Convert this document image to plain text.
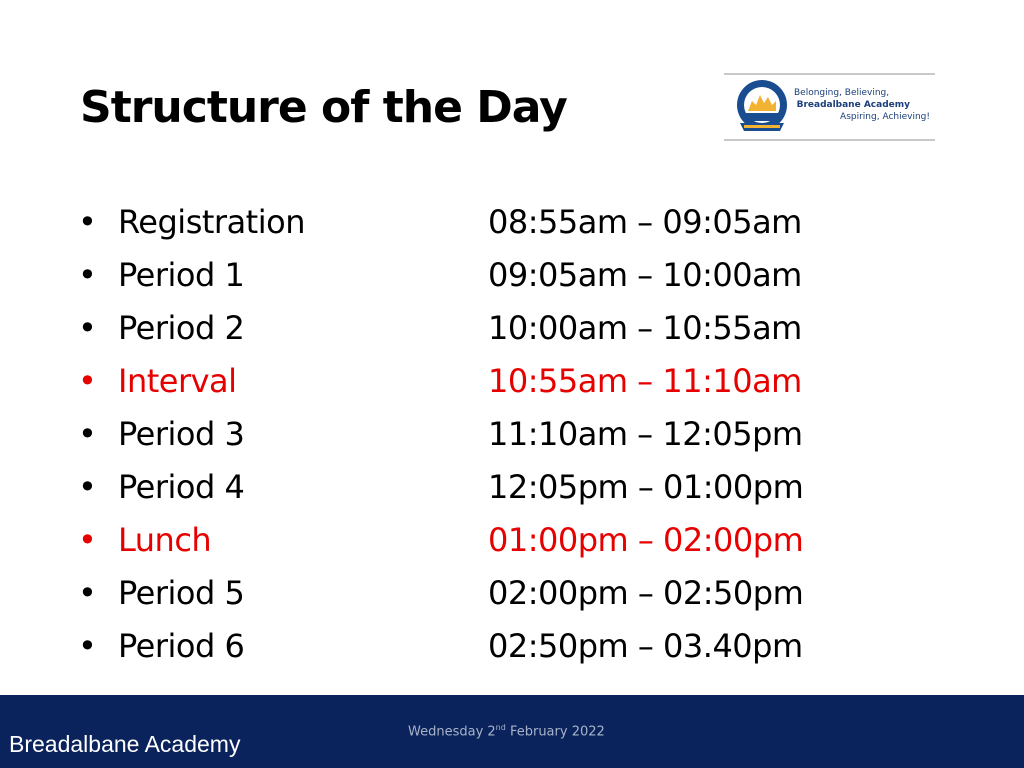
Structure of the Day	Belonging, Believing,
Breadalbane Academy
Aspiring, Achieving!
• Registration	08:55am – 09:05am
• Period 1	09:05am – 10:00am
• Period 2	10:00am – 10:55am
• Interval	10:55am – 11:10am
• Period 3	11:10am – 12:05pm
• Period 4	12:05pm – 01:00pm
• Lunch	01:00pm – 02:00pm
• Period 5	02:00pm – 02:50pm
• Period 6	02:50pm – 03.40pm
Breadalbane Academy	Wednesday 2nd February 2022
